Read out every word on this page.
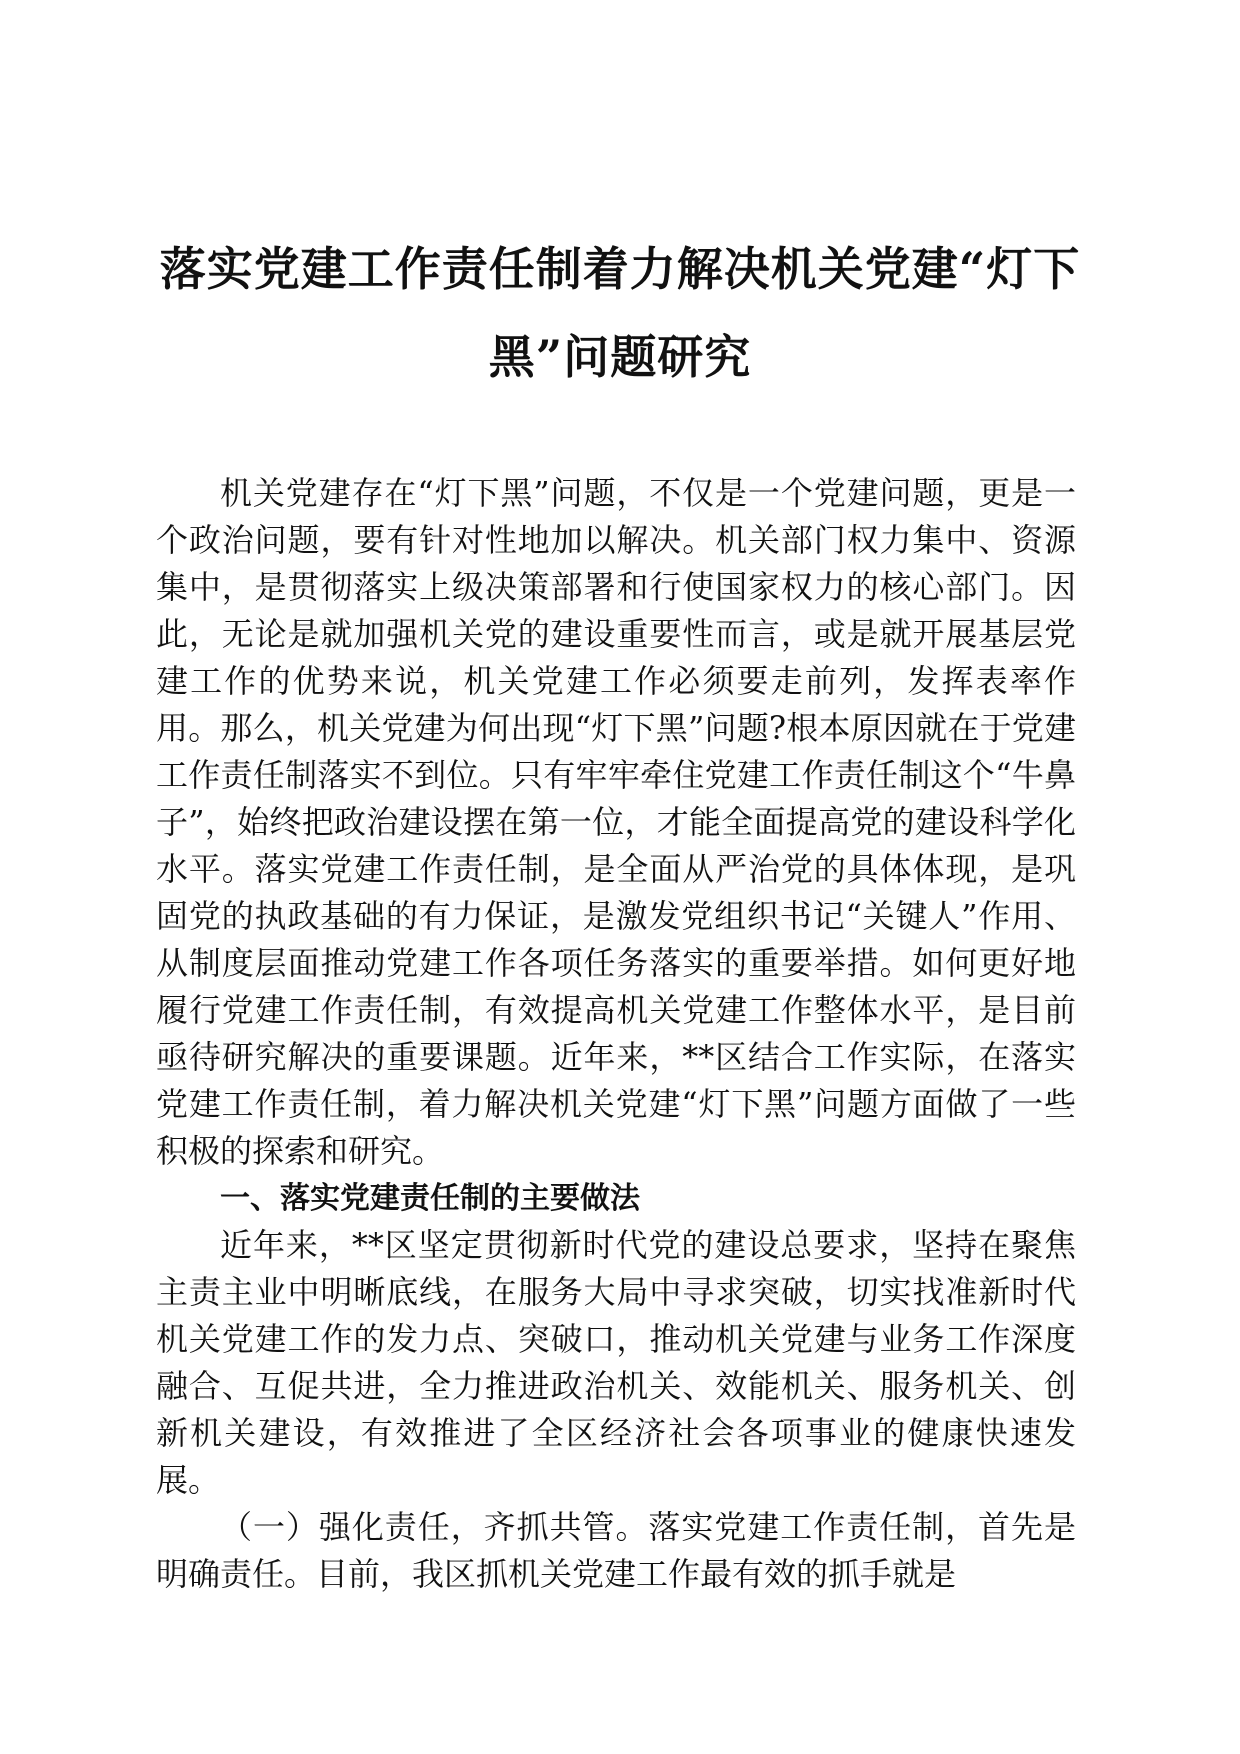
落实党建工作责任制着力解决机关党建“灯下
黑”问题研究

机关党建存在“灯下黑”问题，不仅是一个党建问题，更是一个政治问题，要有针对性地加以解决。机关部门权力集中、资源集中，是贯彻落实上级决策部署和行使国家权力的核心部门。因此，无论是就加强机关党的建设重要性而言，或是就开展基层党建工作的优势来说，机关党建工作必须要走前列，发挥表率作用。那么，机关党建为何出现“灯下黑”问题?根本原因就在于党建工作责任制落实不到位。只有牢牢牵住党建工作责任制这个“牛鼻子”，始终把政治建设摆在第一位，才能全面提高党的建设科学化水平。落实党建工作责任制，是全面从严治党的具体体现，是巩固党的执政基础的有力保证，是激发党组织书记“关键人”作用、从制度层面推动党建工作各项任务落实的重要举措。如何更好地履行党建工作责任制，有效提高机关党建工作整体水平，是目前亟待研究解决的重要课题。近年来，**区结合工作实际，在落实党建工作责任制，着力解决机关党建“灯下黑”问题方面做了一些积极的探索和研究。

一、落实党建责任制的主要做法

近年来，**区坚定贯彻新时代党的建设总要求，坚持在聚焦主责主业中明晰底线，在服务大局中寻求突破，切实找准新时代机关党建工作的发力点、突破口，推动机关党建与业务工作深度融合、互促共进，全力推进政治机关、效能机关、服务机关、创新机关建设，有效推进了全区经济社会各项事业的健康快速发展。

（一）强化责任，齐抓共管。落实党建工作责任制，首先是明确责任。目前，我区抓机关党建工作最有效的抓手就是
